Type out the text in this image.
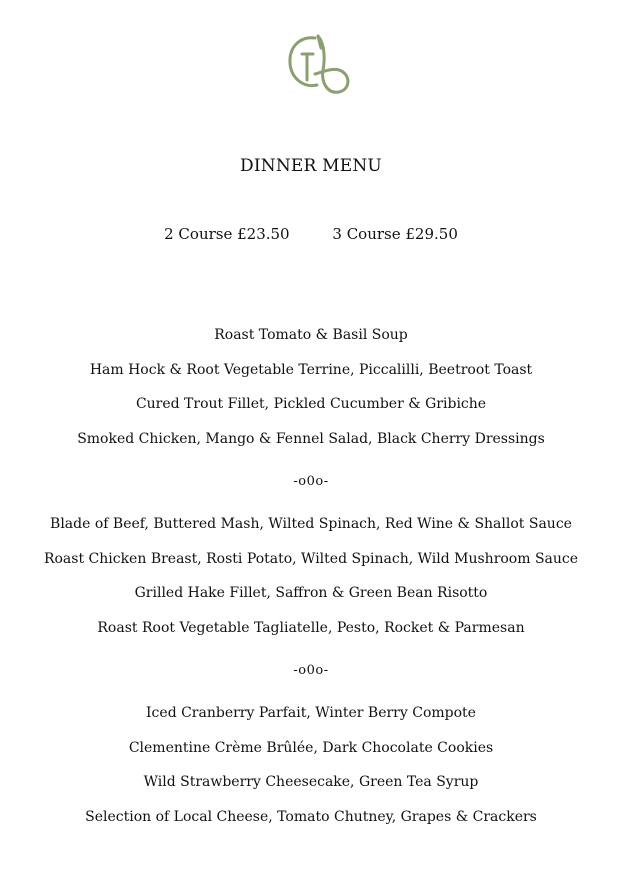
DINNER MENU
2 Course £23.50	3 Course £29.50
Roast Tomato & Basil Soup
Ham Hock & Root Vegetable Terrine, Piccalilli, Beetroot Toast
Cured Trout Fillet, Pickled Cucumber & Gribiche
Smoked Chicken, Mango & Fennel Salad, Black Cherry Dressings
-o0o-
Blade of Beef, Buttered Mash, Wilted Spinach, Red Wine & Shallot Sauce
Roast Chicken Breast, Rosti Potato, Wilted Spinach, Wild Mushroom Sauce
Grilled Hake Fillet, Saffron & Green Bean Risotto
Roast Root Vegetable Tagliatelle, Pesto, Rocket & Parmesan
-o0o-
Iced Cranberry Parfait, Winter Berry Compote
Clementine Crème Brûlée, Dark Chocolate Cookies
Wild Strawberry Cheesecake, Green Tea Syrup
Selection of Local Cheese, Tomato Chutney, Grapes & Crackers
